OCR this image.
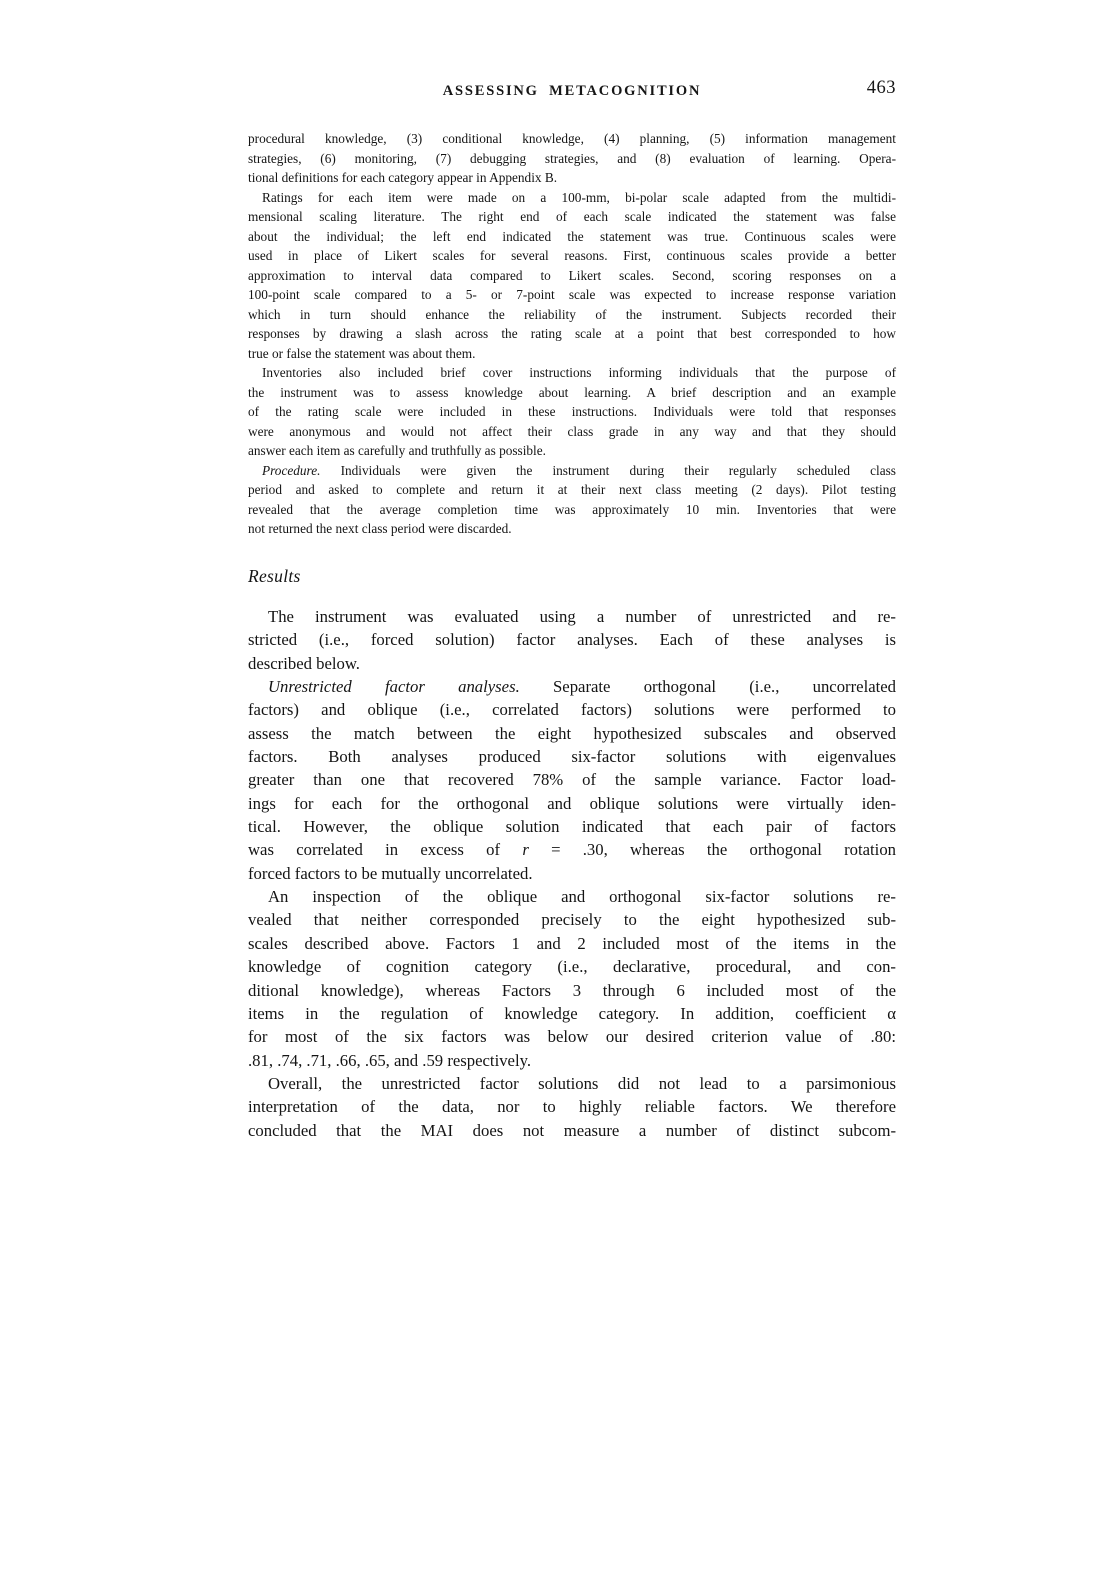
ASSESSING METACOGNITION	463
procedural knowledge, (3) conditional knowledge, (4) planning, (5) information management
strategies, (6) monitoring, (7) debugging strategies, and (8) evaluation of learning. Opera-
tional definitions for each category appear in Appendix B.
Ratings for each item were made on a 100-mm, bi-polar scale adapted from the multidi-
mensional scaling literature. The right end of each scale indicated the statement was false
about the individual; the left end indicated the statement was true. Continuous scales were
used in place of Likert scales for several reasons. First, continuous scales provide a better
approximation to interval data compared to Likert scales. Second, scoring responses on a
100-point scale compared to a 5- or 7-point scale was expected to increase response variation
which in turn should enhance the reliability of the instrument. Subjects recorded their
responses by drawing a slash across the rating scale at a point that best corresponded to how
true or false the statement was about them.
Inventories also included brief cover instructions informing individuals that the purpose of
the instrument was to assess knowledge about learning. A brief description and an example
of the rating scale were included in these instructions. Individuals were told that responses
were anonymous and would not affect their class grade in any way and that they should
answer each item as carefully and truthfully as possible.
Procedure. Individuals were given the instrument during their regularly scheduled class
period and asked to complete and return it at their next class meeting (2 days). Pilot testing
revealed that the average completion time was approximately 10 min. Inventories that were
not returned the next class period were discarded.
Results
The instrument was evaluated using a number of unrestricted and re-
stricted (i.e., forced solution) factor analyses. Each of these analyses is
described below.
Unrestricted factor analyses. Separate orthogonal (i.e., uncorrelated
factors) and oblique (i.e., correlated factors) solutions were performed to
assess the match between the eight hypothesized subscales and observed
factors. Both analyses produced six-factor solutions with eigenvalues
greater than one that recovered 78% of the sample variance. Factor load-
ings for each for the orthogonal and oblique solutions were virtually iden-
tical. However, the oblique solution indicated that each pair of factors
was correlated in excess of r = .30, whereas the orthogonal rotation
forced factors to be mutually uncorrelated.
An inspection of the oblique and orthogonal six-factor solutions re-
vealed that neither corresponded precisely to the eight hypothesized sub-
scales described above. Factors 1 and 2 included most of the items in the
knowledge of cognition category (i.e., declarative, procedural, and con-
ditional knowledge), whereas Factors 3 through 6 included most of the
items in the regulation of knowledge category. In addition, coefficient α
for most of the six factors was below our desired criterion value of .80:
.81, .74, .71, .66, .65, and .59 respectively.
Overall, the unrestricted factor solutions did not lead to a parsimonious
interpretation of the data, nor to highly reliable factors. We therefore
concluded that the MAI does not measure a number of distinct subcom-
